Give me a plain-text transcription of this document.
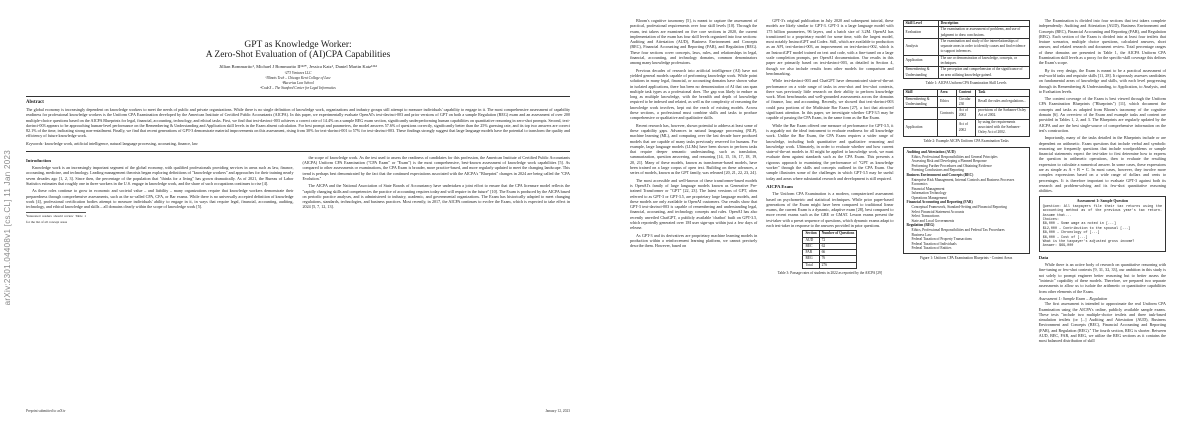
arXiv:2301.04408v1 [cs.CL] 11 Jan 2023
GPT as Knowledge Worker:
A Zero-Shot Evaluation of (AI)CPA Capabilities
Jillian Bommarito¹, Michael J Bommarito II¹²³*, Jessica Katz¹, Daniel Martin Katz¹²³⁴
¹273 Ventures LLC
²Illinois Tech – Chicago Kent College of Law
³Bucerius Law School
⁴CodeX – The Stanford Center for Legal Informatics
Abstract
The global economy is increasingly dependent on knowledge workers to meet the needs of public and private organizations. While there is no single definition of knowledge work, organizations and industry groups still attempt to measure individuals' capability to engage in it. The most comprehensive assessment of capability readiness for professional knowledge workers is the Uniform CPA Examination developed by the American Institute of Certified Public Accountants (AICPA). In this paper, we experimentally evaluate OpenAI's text-davinci-003 and prior versions of GPT on both a sample Regulation (REG) exam and an assessment of over 200 multiple-choice questions based on the AICPA Blueprints for legal, financial, accounting, technology, and ethical tasks. First, we find that text-davinci-003 achieves a correct rate of 14.4% on a sample REG exam section, significantly underperforming human capabilities on quantitative reasoning in zero-shot prompts. Second, text-davinci-003 appears to be approaching human-level performance on the Remembering & Understanding and Application skill levels in the Exam absent calculation. For best prompt and parameters, the model answers 57.6% of questions correctly, significantly better than the 25% guessing rate, and its top two answers are correct 82.1% of the time, indicating strong non-entailment. Finally, we find that recent generations of GPT-3 demonstrate material improvements on this assessment, rising from 30% for text-davinci-001 to 57% for text-davinci-003. These findings strongly suggest that large language models have the potential to transform the quality and efficiency of future knowledge work.
Keywords: knowledge work, artificial intelligence, natural language processing, accounting, finance, law
Introduction

Knowledge work is an increasingly important segment of the global economy, with qualified professionals providing services in areas such as law, finance, accounting, medicine, and technology. Leading management theorists began exploring definitions of "knowledge workers" and approaches for their training nearly seven decades ago [1, 2, 3]. Since then, the percentage of the population that "thinks for a living" has grown dramatically. As of 2021, the Bureau of Labor Statistics estimates that roughly one in three workers in the U.S. engage in knowledge work, and the share of such occupations continues to rise [4].

As these roles continue to grow in economic and societal value – and liability – many organizations require that knowledge workers demonstrate their preparedness through comprehensive assessments, such as the so-called CPA, CFA, or Bar exams. While there is no universally accepted definition of knowledge work [4], professional certification bodies attempt to measure individuals' ability to engage in it, in ways that require legal, financial, accounting, auditing, technology, and ethical knowledge and skills – all domains clearly within the scope of knowledge work [5].

¹Interested readers should review Table 1 for the list of all concept areas

the scope of knowledge work. As the test used to assess the readiness of candidates for this profession, the American Institute of Certified Public Accountants (AICPA) Uniform CPA Examination ("CPA Exam" or "Exam") is the most comprehensive, best-known assessment of knowledge work capabilities [5]. As compared to other assessments or examinations, the CPA Exam is broader, more practice-based, and more regularly updated to meet the changing landscape. This trend is perhaps best demonstrated by the fact that the continued expectations associated with the AICPA's "Blueprint" changes in 2024 are being called the "CPA Evolution."

The AICPA and the National Association of State Boards of Accountancy have undertaken a joint effort to ensure that the CPA licensure model reflects the "rapidly changing skills and competencies the practice of accounting requires today and will require in the future" [10]. The Exam is produced by the AICPA based on periodic practice analyses, and is administered to industry, academic, and governmental organizations. The Exam has historically adapted to meet changing regulations, standards, technologies, and business practices. Most recently, in 2017, the AICPA continues to evolve the Exam, which is expected to take effect in 2024 [5, 7, 12, 13].

Preprint submitted to arXiv	January 12, 2023

Bloom's cognitive taxonomy [5], is meant to capture the assessment of practical, professional requirements over four skill levels [10]. Through the exam, test takers are examined on five core sections in 2020, the current implementation of the exam has four skill levels organized into four sections: Auditing and Attestation (AUD), Business Environment and Concepts (BEC), Financial Accounting and Reporting (FAR), and Regulation (REG). These four sections cover concepts, laws, rules, and relationships in legal, financial, accounting, and technology domains, common denominators among many knowledge professions.

Previous decades of research into artificial intelligence (AI) have not yielded general models capable of performing knowledge work. While point solutions in many legal, financial, or accounting domains have shown value in isolated applications, there has been no demonstration of AI that can span multiple task types as a professional does. The gap was likely to endure as long as multiple knowledge, with the breadth and depth of knowledge required to be indexed and related, as well as the complexity of reasoning the knowledge work involves, kept out the reach of existing models. Across these sections, a professional must combine skills and tasks to produce comprehensive or qualitative and qualitative skills.

Recent research has, however, shown potential to address at least some of these capability gaps. Advances in natural language processing (NLP), machine learning (ML), and computing over the last decade have produced models that are capable of many tasks previously reserved for humans. For example, large language models (LLMs) have been shown to perform tasks that require deeper semantic understanding, such as translation, summarization, question answering, and reasoning [14, 15, 16, 17, 18, 19, 20, 21]. Many of these models, known as transformer-based models, have been trained on a large corpus of open text. Building on these advances, a series of models, known as the GPT family, was released [20, 21, 22, 23, 24].

The most accessible and well-known of these transformer-based models is OpenAI's family of large language models known as Generative Pre-trained Transformer or "GPT" [22, 23]. The latest versions of GPT, often referred to as GPT-3 or GPT-3.5, are proprietary large language models, and these models are only available to OpenAI customers. Our results show that GPT-3 text-davinci-003 is capable of remembering and understanding legal, financial, accounting, and technology concepts and rules. OpenAI has also recently unveiled ChatGPT, a publicly available 'chatbot' built on GPT-3.5, which reportedly generated over 1M user sign-ups within just a few days of release.

As GPT-3 and its derivatives are proprietary machine learning models in production within a reinforcement learning platform, we cannot precisely describe them. However, based on

GPT-3's original publication in July 2020 and subsequent tutorial, these models are likely similar to GPT-3. GPT-3 is a large language model with 175 billion parameters, 96 layers, and a batch size of 3.2M. OpenAI has transitioned to a proprietary model for some time, with the largest model, most notably InstructGPT and Codex. Still, which are available to production as an API, text-davinci-003, an improvement on text-davinci-002, which is an InstructGPT model trained on text and code, with a fine-tuned on a large scale completion prompts, per OpenAI documentation. Our results in this paper are primarily based on text-davinci-003, as detailed in Section 4, though we also include results from other models for comparison and benchmarking.

While text-davinci-003 and ChatGPT have demonstrated state-of-the-art performance on a wide range of tasks in zero-shot and few-shot contexts, there was previously little research on their ability to perform knowledge work. Most benchmarks and well-grounded assessments across the domains of finance, law, and accounting. Recently, we showed that text-davinci-003 could pass portions of the Multistate Bar Exam [27], a fact that attracted significant attention. In this paper, we investigate whether GPT-3.5 may be capable of passing the CPA Exam, in the same form as the Bar Exam.

While the Bar Exam offered one measure of performance for GPT-3.5, it is arguably not the ideal instrument to evaluate readiness for all knowledge work. Unlike the Bar Exam, the CPA Exam requires a wider range of knowledge, including both quantitative and qualitative reasoning and knowledge work. Ultimately, in order to evaluate whether and how current state-of-the-art models in AI might be applied to knowledge work, we must evaluate them against standards such as the CPA Exam. This presents a rigorous approach to examining the performance of "GPT as knowledge worker" through the skills and concepts outlined in the CPA Exam. Our sample illustrates some of the challenges in which GPT-3.5 may be useful today and areas where substantial research and development is still required.

AICPA Exam

The Uniform CPA Examination is a modern, computerized assessment based on psychometric and statistical techniques. While prior paper-based generations of the Exam might have been compared to traditional linear exams, the current Exam is a dynamic, adaptive exam [28], best compared to more recent exams such as the GRE or GMAT. Lesson exams present the test-taker with a preset sequence of questions, which dynamic exams adapt to each test-taker in response to the answers provided in prior questions.

Section	Number of Questions
AUD	72
BEC	62
FAR	66
REG	76
Total	276
Table 3: Passage rates of students in 2022 as reported by the AICPA [29]
Skill Level	Description
Evaluation	The examination or assessment of problems, and use of judgment to draw conclusions.
Analysis	The examination and study of the interrelationships of separate areas in order to identify causes and find evidence to support inferences.
Application	The use or demonstration of knowledge, concepts, or techniques.
Remembering & Understanding	The perception and comprehension of the significance of an area utilizing knowledge gained.
Table 1: AICPA Uniform CPA Examination Skill Levels
Skill	Area	Content	Task
Remembering & Understanding	Ethics	Circular 230	Recall the rules and regulations...
	Contracts	Act of 2002	provisions of the Sarbanes-Oxley Act of 2002.
Application		Act of 2002	by using the requirements associated with the Sarbanes-Oxley Act of 2002.
Table 2: Example AICPA Uniform CPA Examination Tasks
Auditing and Attestation (AUD)
Ethics, Professional Responsibilities and General Principles
Assessing Risk and Developing a Planned Response
Performing Further Procedures and Obtaining Evidence
Forming Conclusions and Reporting
Business Environment and Concepts (BEC)
Enterprise Risk Management, Internal Controls and Business Processes
Economics
Financial Management
Information Technology
Operations Management
Financial Accounting and Reporting (FAR)
Conceptual Framework, Standard-Setting and Financial Reporting
Select Financial Statement Accounts
Select Transactions
State and Local Governments
Regulation (REG)
Ethics, Professional Responsibilities and Federal Tax Procedures
Business Law
Federal Taxation of Property Transactions
Federal Taxation of Individuals
Federal Taxation of Entities
Figure 1: Uniform CPA Examination Blueprints - Content Areas

The Examination is divided into four sections that test takers complete independently: Auditing and Attestation (AUD), Business Environment and Concepts (BEC), Financial Accounting and Reporting (FAR), and Regulation (REG). Each section of the Exam is divided into at least four testlets that feature scenarios, multiple choice questions, calculated answers, short answer, and related research and document review. Total percentage ranges of these domains are presented in Table 1, the AICPA Uniform CPA Examination skill levels as a proxy for the specific-skill coverage this defines the Exam's scope.

By its very design, the Exam is meant to be a practical assessment of real-world tasks and requisite skills [11, 28]. It rigorously assesses candidates on fundamental areas of knowledge and skills, with each level progressing through its Remembering & Understanding, to Application, to Analysis, and to Evaluation levels.

The content coverage of the Exam is best viewed through the Uniform CPA Examination Blueprints ("Blueprints") [11], which document the concepts and tasks as adapted from Bloom's taxonomy of the cognitive domain [6]. An overview of the Exam and example tasks and content are provided in Tables 1, 2, and 3. The Blueprints are regularly updated by the AICPA and are the best single-source of comprehensive information on the test's construction.

Importantly, many of the tasks detailed in the Blueprints include or are dependent on arithmetic. Exam questions that include verbal and symbolic reasoning are frequently questions that include wordproblems or sample financial statements expect the test-taker to first determine how to express the question in arithmetic operations, then to evaluate the resulting expression to calculate a numerical answer. In some cases, these expressions are as simple as A + B = C. In most cases, however, they involve more complex expressions based on a wide range of dollars and cents to percentages. It is therefore important to evaluate GPT-3 against both its research and problem-solving and its few-shot quantitative reasoning abilities.

Assessment 1: Sample Question
Question: All taxpayers file their tax returns using the accounting method as of the previous year's tax return. Assume that...
Choices:
$8,000 – Some wage as noted in [...]
$12,000 – Contribution to the spousal [...]
$8,000 – Chronology of [...]
$6,000 – Cost of [...]
What is the taxpayer's adjusted gross income?
Answer: $69,000
Data

While there is an active body of research on quantitative reasoning with fine-tuning or few-shot contexts [9, 31, 32, 33], our ambition in this study is not solely to prompt engineer better reasoning but to better assess the "intrinsic" capability of these models. Therefore, we prepared two separate assessments to allow us to isolate the arithmetic or quantitative capabilities from other elements of the Exam.

Assessment 1: Sample Exam – Regulation

The first assessment is intended to approximate the real Uniform CPA Examination using the AICPA's online, publicly available sample exams. These tests "include two multiple-choice testlets and three task-based simulation testlets (or [...] Auditing and Attestation (AUD), Business Environment and Concepts (BEC), Financial Accounting and Reporting (FAR), and Regulation (REG)." The fourth section, REG is shorter. Between AUD, BEC, FAR, and REG, we utilize the REG sections as it contains the most balanced distribution of skill
